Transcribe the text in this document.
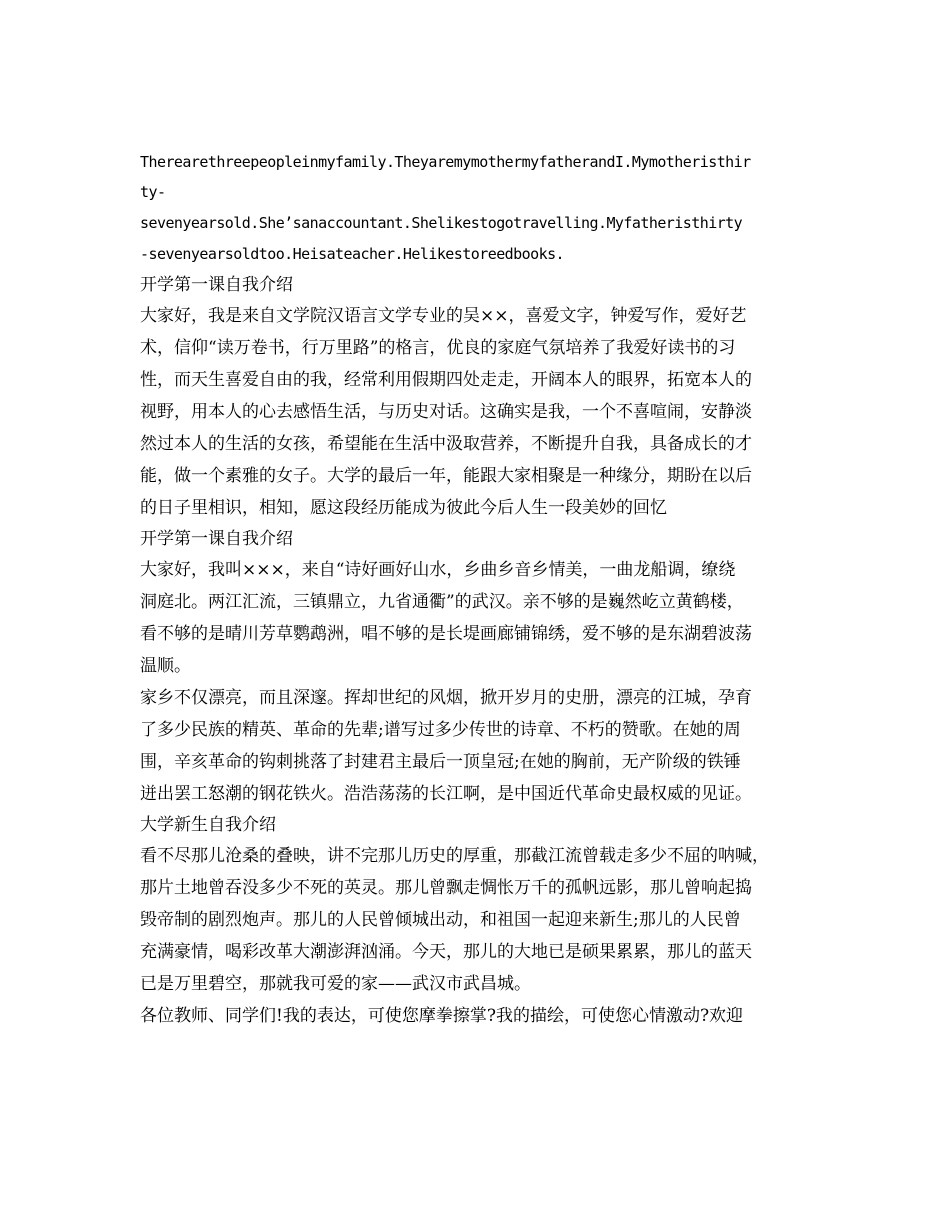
Therearethreepeopleinmyfamily.TheyaremymothermyfatherandI.Mymotheristhir
ty-
sevenyearsold.She’sanaccountant.Shelikestogotravelling.Myfatheristhirty
-sevenyearsoldtoo.Heisateacher.Helikestoreedbooks.
开学第一课自我介绍
大家好，我是来自文学院汉语言文学专业的吴××，喜爱文字，钟爱写作，爱好艺
术，信仰“读万卷书，行万里路”的格言，优良的家庭气氛培养了我爱好读书的习
性，而天生喜爱自由的我，经常利用假期四处走走，开阔本人的眼界，拓宽本人的
视野，用本人的心去感悟生活，与历史对话。这确实是我，一个不喜喧闹，安静淡
然过本人的生活的女孩，希望能在生活中汲取营养，不断提升自我，具备成长的才
能，做一个素雅的女子。大学的最后一年，能跟大家相聚是一种缘分，期盼在以后
的日子里相识，相知，愿这段经历能成为彼此今后人生一段美妙的回忆
开学第一课自我介绍
大家好，我叫×××，来自“诗好画好山水，乡曲乡音乡情美，一曲龙船调，缭绕
洞庭北。两江汇流，三镇鼎立，九省通衢”的武汉。亲不够的是巍然屹立黄鹤楼，
看不够的是晴川芳草鹦鹉洲，唱不够的是长堤画廊铺锦绣，爱不够的是东湖碧波荡
温顺。
家乡不仅漂亮，而且深邃。挥却世纪的风烟，掀开岁月的史册，漂亮的江城，孕育
了多少民族的精英、革命的先辈;谱写过多少传世的诗章、不朽的赞歌。在她的周
围，辛亥革命的钩刺挑落了封建君主最后一顶皇冠;在她的胸前，无产阶级的铁锤
迸出罢工怒潮的钢花铁火。浩浩荡荡的长江啊，是中国近代革命史最权威的见证。
大学新生自我介绍
看不尽那儿沧桑的叠映，讲不完那儿历史的厚重，那截江流曾载走多少不屈的呐喊，
那片土地曾吞没多少不死的英灵。那儿曾飘走惆怅万千的孤帆远影，那儿曾响起捣
毁帝制的剧烈炮声。那儿的人民曾倾城出动，和祖国一起迎来新生;那儿的人民曾
充满豪情，喝彩改革大潮澎湃汹涌。今天，那儿的大地已是硕果累累，那儿的蓝天
已是万里碧空，那就我可爱的家——武汉市武昌城。
各位教师、同学们!我的表达，可使您摩拳擦掌?我的描绘，可使您心情激动?欢迎
